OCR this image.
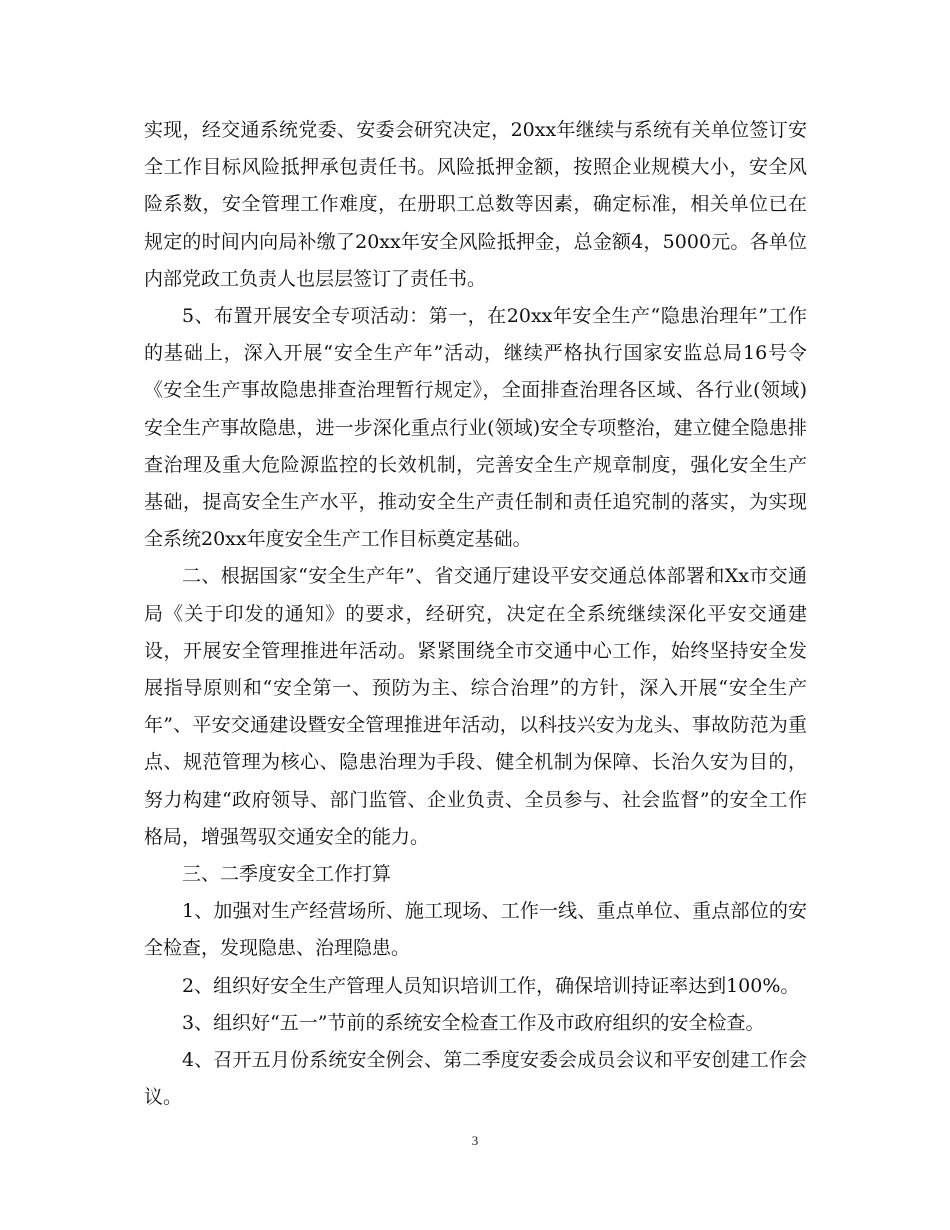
实现，经交通系统党委、安委会研究决定，20xx年继续与系统有关单位签订安全工作目标风险抵押承包责任书。风险抵押金额，按照企业规模大小，安全风险系数，安全管理工作难度，在册职工总数等因素，确定标准，相关单位已在规定的时间内向局补缴了20xx年安全风险抵押金，总金额4，5000元。各单位内部党政工负责人也层层签订了责任书。

5、布置开展安全专项活动：第一，在20xx年安全生产“隐患治理年”工作的基础上，深入开展“安全生产年”活动，继续严格执行国家安监总局16号令《安全生产事故隐患排查治理暂行规定》，全面排查治理各区域、各行业(领域)安全生产事故隐患，进一步深化重点行业(领域)安全专项整治，建立健全隐患排查治理及重大危险源监控的长效机制，完善安全生产规章制度，强化安全生产基础，提高安全生产水平，推动安全生产责任制和责任追究制的落实，为实现全系统20xx年度安全生产工作目标奠定基础。

二、根据国家“安全生产年”、省交通厅建设平安交通总体部署和Xx市交通局《关于印发的通知》的要求，经研究，决定在全系统继续深化平安交通建设，开展安全管理推进年活动。紧紧围绕全市交通中心工作，始终坚持安全发展指导原则和“安全第一、预防为主、综合治理”的方针，深入开展“安全生产年”、平安交通建设暨安全管理推进年活动，以科技兴安为龙头、事故防范为重点、规范管理为核心、隐患治理为手段、健全机制为保障、长治久安为目的，努力构建“政府领导、部门监管、企业负责、全员参与、社会监督”的安全工作格局，增强驾驭交通安全的能力。

三、二季度安全工作打算

1、加强对生产经营场所、施工现场、工作一线、重点单位、重点部位的安全检查，发现隐患、治理隐患。

2、组织好安全生产管理人员知识培训工作，确保培训持证率达到100%。

3、组织好“五一”节前的系统安全检查工作及市政府组织的安全检查。

4、召开五月份系统安全例会、第二季度安委会成员会议和平安创建工作会议。

3
